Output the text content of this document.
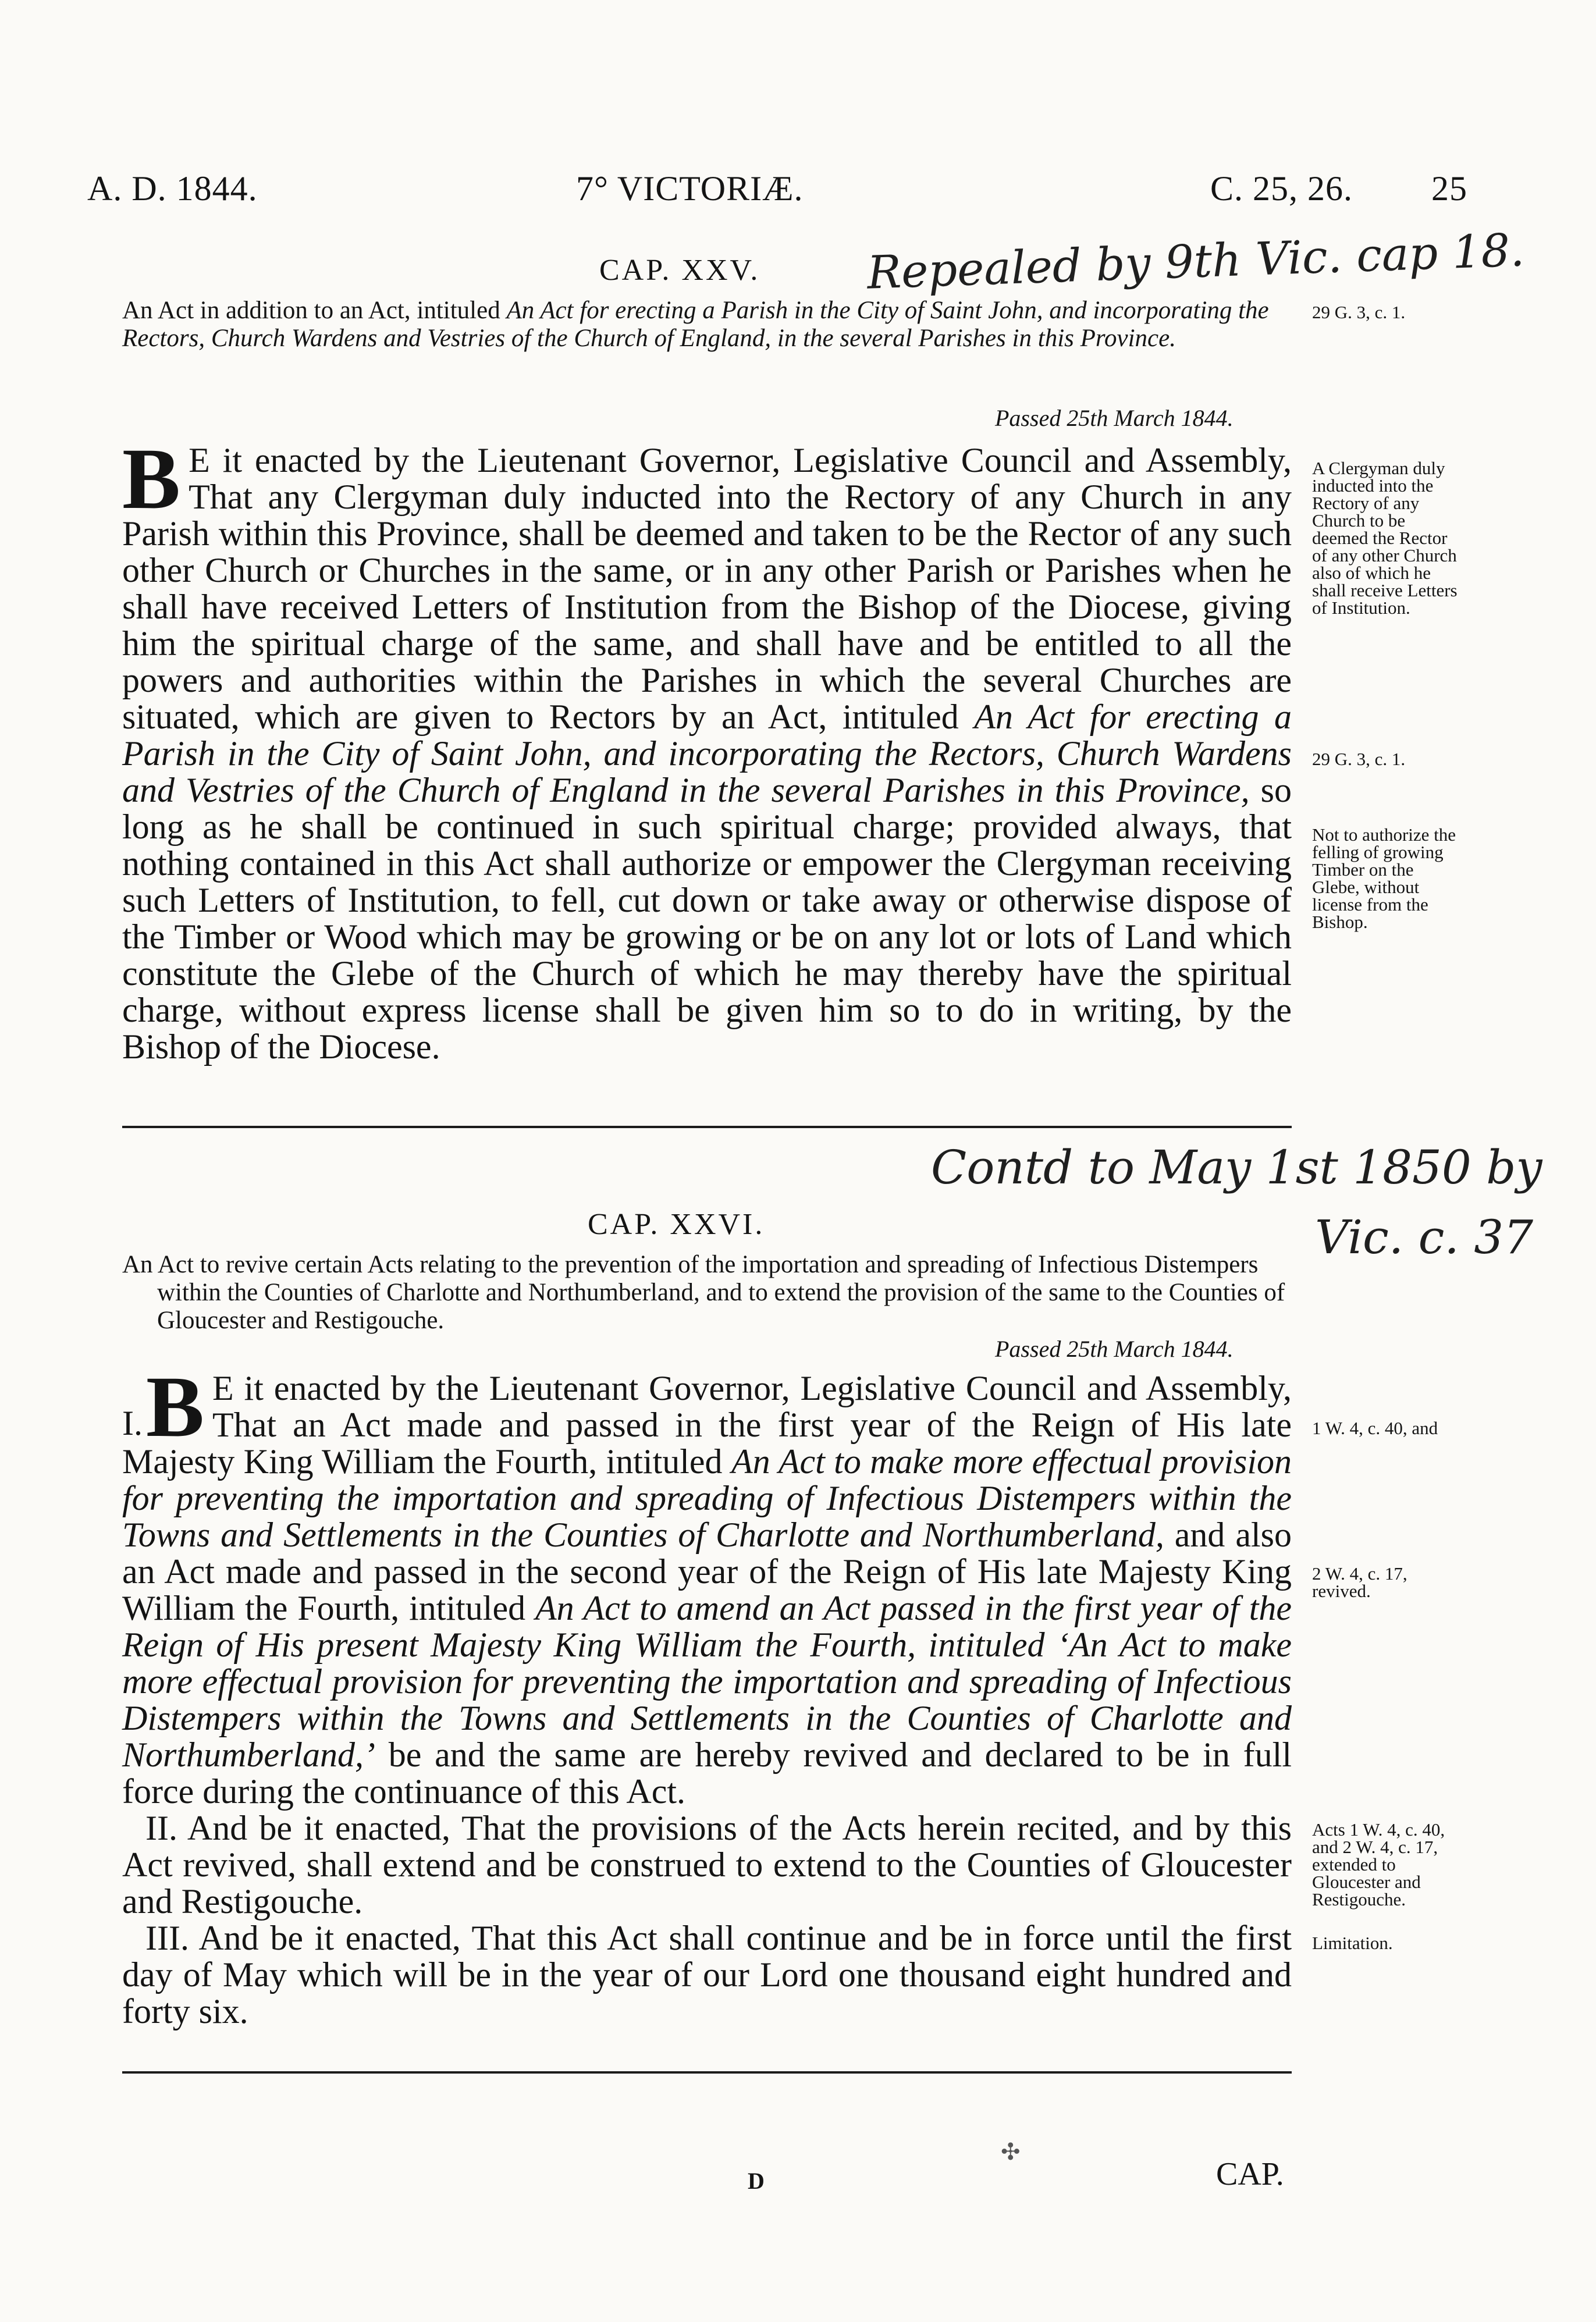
A. D. 1844.	7° VICTORIÆ.	C. 25, 26. 25
CAP. XXV. Repealed by 9th Vic. cap 18.
An Act in addition to an Act, intituled An Act for erecting a Parish in the City of Saint John, and incorporating the Rectors, Church Wardens and Vestries of the Church of England, in the several Parishes in this Province.
29 G. 3, c. 1.
Passed 25th March 1844.
B E it enacted by the Lieutenant Governor, Legislative Council and Assembly, That any Clergyman duly inducted into the Rectory of any Church in any Parish within this Province, shall be deemed and taken to be the Rector of any such other Church or Churches in the same, or in any other Parish or Parishes when he shall have received Letters of Institution from the Bishop of the Diocese, giving him the spiritual charge of the same, and shall have and be entitled to all the powers and authorities within the Parishes in which the several Churches are situated, which are given to Rectors by an Act, intituled An Act for erecting a Parish in the City of Saint John, and incorporating the Rectors, Church Wardens and Vestries of the Church of England in the several Parishes in this Province, so long as he shall be continued in such spiritual charge; provided always, that nothing contained in this Act shall authorize or empower the Clergyman receiving such Letters of Institution, to fell, cut down or take away or otherwise dispose of the Timber or Wood which may be growing or be on any lot or lots of Land which constitute the Glebe of the Church of which he may thereby have the spiritual charge, without express license shall be given him so to do in writing, by the Bishop of the Diocese.
A Clergyman duly inducted into the Rectory of any Church to be deemed the Rector of any other Church also of which he shall receive Letters of Institution.
29 G. 3, c. 1.
Not to authorize the felling of growing Timber on the Glebe, without license from the Bishop.
CAP. XXVI.
Contd to May 1st 1850 by
Vic. c. 37
An Act to revive certain Acts relating to the prevention of the importation and spreading of Infectious Distempers within the Counties of Charlotte and Northumberland, and to extend the provision of the same to the Counties of Gloucester and Restigouche.
Passed 25th March 1844.

I. B E it enacted by the Lieutenant Governor, Legislative Council and Assembly, That an Act made and passed in the first year of the Reign of His late Majesty King William the Fourth, intituled An Act to make more effectual provision for preventing the importation and spreading of Infectious Distempers within the Towns and Settlements in the Counties of Charlotte and Northumberland, and also an Act made and passed in the second year of the Reign of His late Majesty King William the Fourth, intituled An Act to amend an Act passed in the first year of the Reign of His present Majesty King William the Fourth, intituled ‘An Act to make more effectual provision for preventing the importation and spreading of Infectious Distempers within the Towns and Settlements in the Counties of Charlotte and Northumberland,’ be and the same are hereby revived and declared to be in full force during the continuance of this Act.

II. And be it enacted, That the provisions of the Acts herein recited, and by this Act revived, shall extend and be construed to extend to the Counties of Gloucester and Restigouche.

III. And be it enacted, That this Act shall continue and be in force until the first day of May which will be in the year of our Lord one thousand eight hundred and forty six.

1 W. 4, c. 40, and
2 W. 4, c. 17, revived.
Acts 1 W. 4, c. 40, and 2 W. 4, c. 17, extended to Gloucester and Restigouche.
Limitation.
D
✣
CAP.
